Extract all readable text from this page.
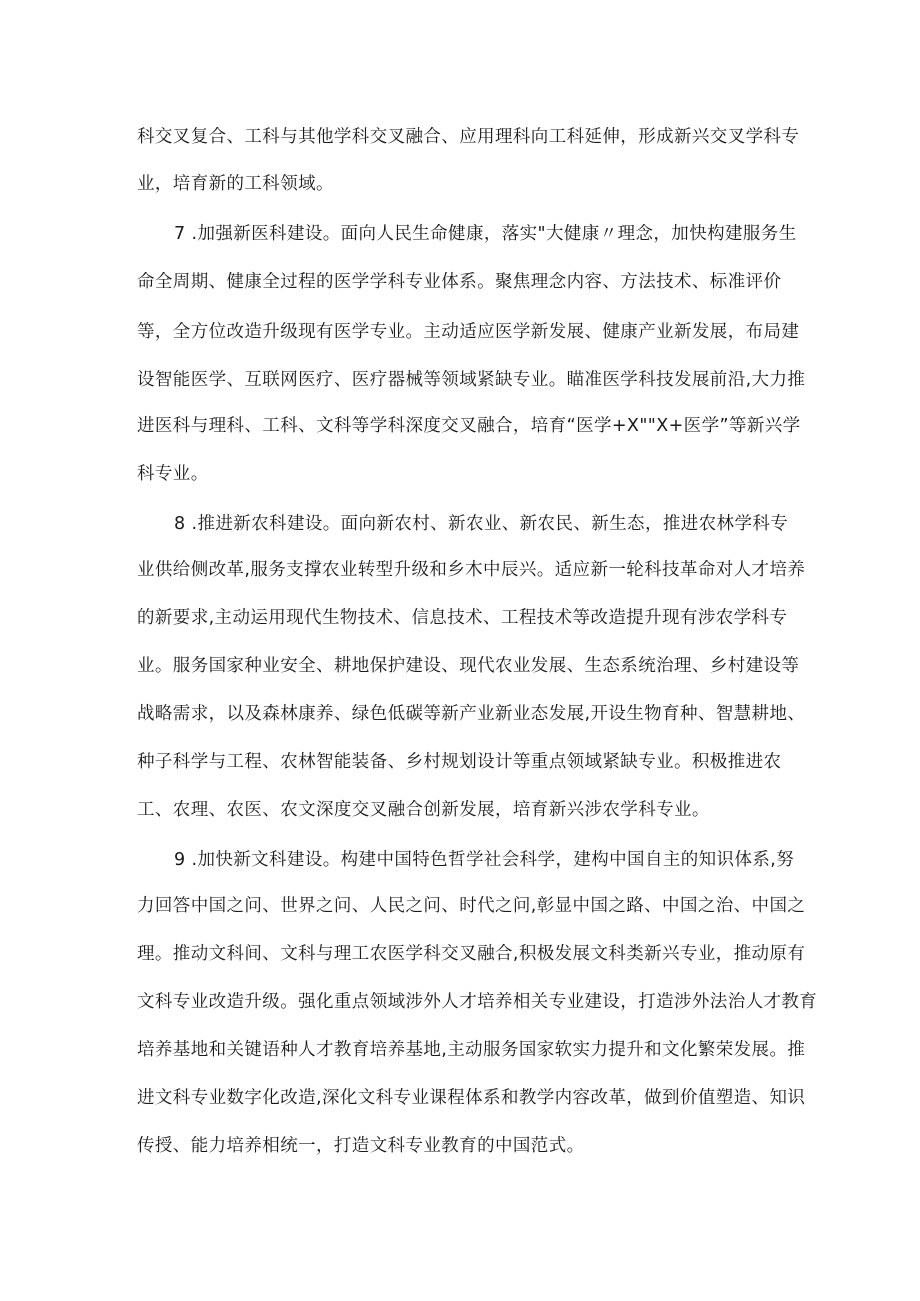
科交叉复合、工科与其他学科交叉融合、应用理科向工科延伸，形成新兴交叉学科专
业，培育新的工科领域。
7 .加强新医科建设。面向人民生命健康，落实"大健康〃理念，加快构建服务生
命全周期、健康全过程的医学学科专业体系。聚焦理念内容、方法技术、标准评价
等，全方位改造升级现有医学专业。主动适应医学新发展、健康产业新发展，布局建
设智能医学、互联网医疗、医疗器械等领域紧缺专业。瞄准医学科技发展前沿,大力推
进医科与理科、工科、文科等学科深度交叉融合，培育“医学+X""X+医学”等新兴学
科专业。
8 .推进新农科建设。面向新农村、新农业、新农民、新生态，推进农林学科专
业供给侧改革,服务支撑农业转型升级和乡木中辰兴。适应新一轮科技革命对人才培养
的新要求,主动运用现代生物技术、信息技术、工程技术等改造提升现有涉农学科专
业。服务国家种业安全、耕地保护建设、现代农业发展、生态系统治理、乡村建设等
战略需求，以及森林康养、绿色低碳等新产业新业态发展,开设生物育种、智慧耕地、
种子科学与工程、农林智能装备、乡村规划设计等重点领域紧缺专业。积极推进农
工、农理、农医、农文深度交叉融合创新发展，培育新兴涉农学科专业。
9 .加快新文科建设。构建中国特色哲学社会科学，建构中国自主的知识体系,努
力回答中国之问、世界之问、人民之问、时代之问,彰显中国之路、中国之治、中国之
理。推动文科间、文科与理工农医学科交叉融合,积极发展文科类新兴专业，推动原有
文科专业改造升级。强化重点领域涉外人才培养相关专业建设，打造涉外法治人才教育
培养基地和关键语种人才教育培养基地,主动服务国家软实力提升和文化繁荣发展。推
进文科专业数字化改造,深化文科专业课程体系和教学内容改革，做到价值塑造、知识
传授、能力培养相统一，打造文科专业教育的中国范式。
